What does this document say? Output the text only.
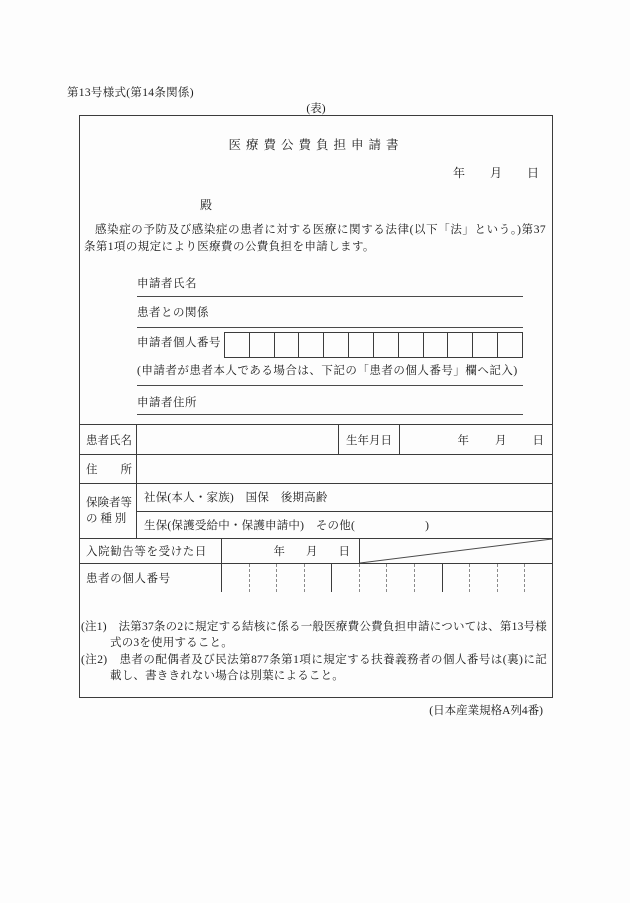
第13号様式(第14条関係)
(表)
医療費公費負担申請書
年 月 日
殿
感染症の予防及び感染症の患者に対する医療に関する法律(以下「法」という。)第37条第1項の規定により医療費の公費負担を申請します。
申請者氏名
患者との関係
申請者個人番号
(申請者が患者本人である場合は、下記の「患者の個人番号」欄へ記入)
申請者住所
患者氏名	生年月日	年 月 日
住　　所
保険者等
の 種 別
社保(本人・家族)　国保　後期高齢
生保(保護受給中・保護申請中)　その他(　　　　　　)
入院勧告等を受けた日	年 月 日
患者の個人番号
(注1)　法第37条の2に規定する結核に係る一般医療費公費負担申請については、第13号様式の3を使用すること。
(注2)　患者の配偶者及び民法第877条第1項に規定する扶養義務者の個人番号は(裏)に記載し、書ききれない場合は別葉によること。
(日本産業規格A列4番)
